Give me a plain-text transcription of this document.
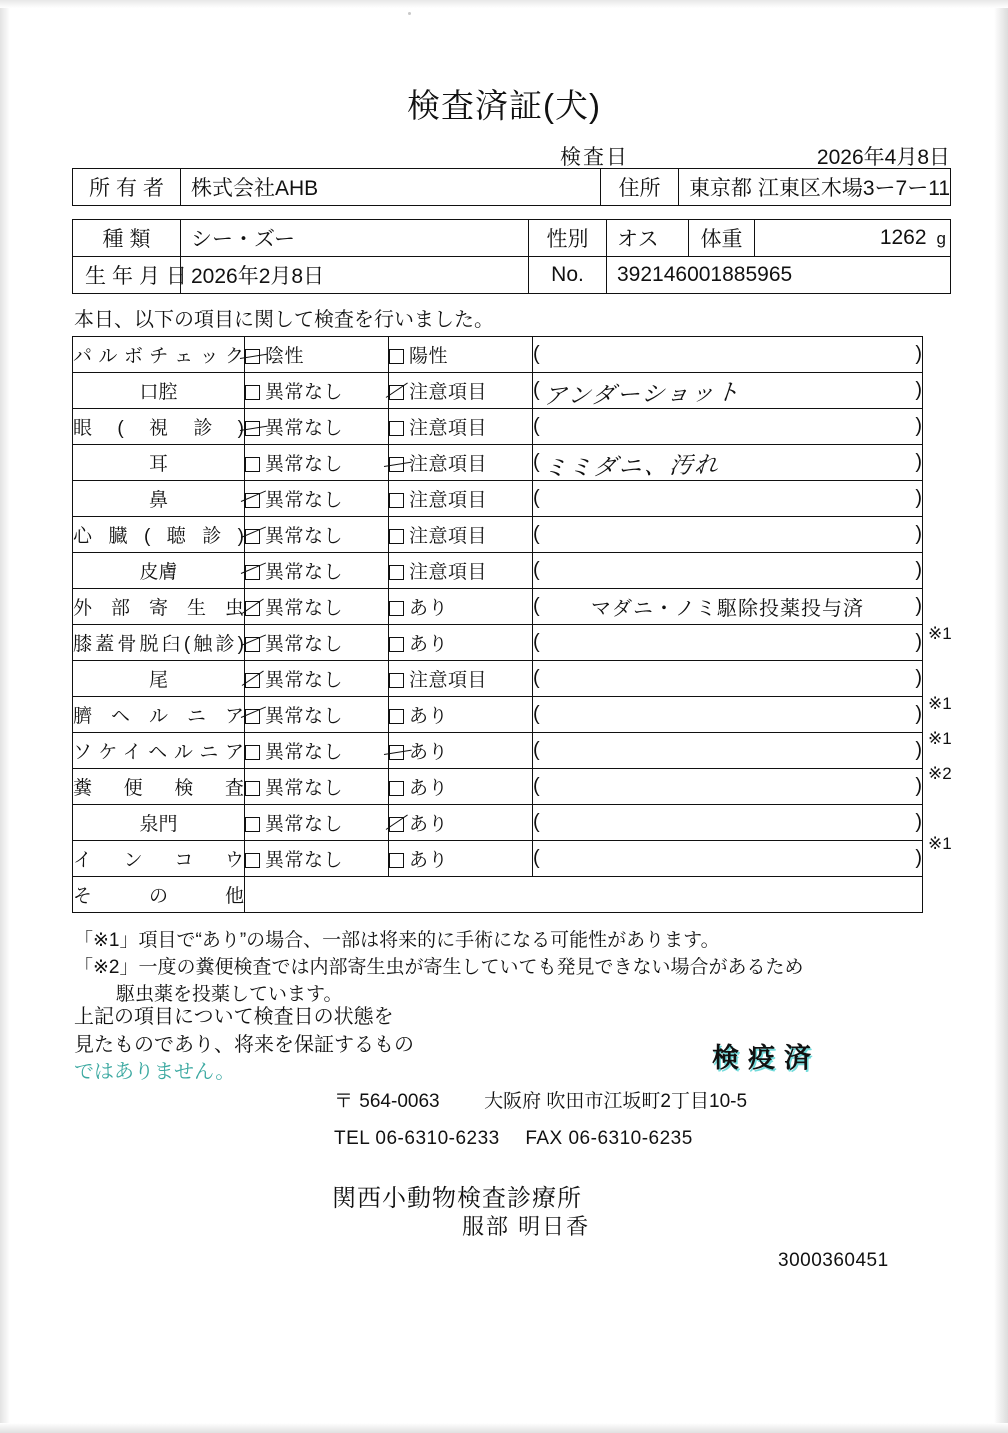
検査済証(犬)
検査日	2026年4月8日
所有者	株式会社AHB	住所	東京都 江東区木場3ー7ー11
種類	シー・ズー	性別	オス	体重	1262 g
生年月日	2026年2月8日	No.	392146001885965		
本日、以下の項目に関して検査を行いました。
パルボチェック	陰性	陽性	( )

口腔	異常なし	注意項目	( アンダーショット )

眼(視診)	異常なし	注意項目	( )

耳	異常なし	注意項目	( ミミダニ、汚れ )

鼻	異常なし	注意項目	( )

心臓(聴診)	異常なし	注意項目	( )

皮膚	異常なし	注意項目	( )

外部寄生虫	異常なし	あり	( マダニ・ノミ駆除投薬投与済 )

膝蓋骨脱臼(触診)	異常なし	あり	( )

尾	異常なし	注意項目	( )

臍ヘルニア	異常なし	あり	( )

ソケイヘルニア	異常なし	あり	( )

糞便検査	異常なし	あり	( )

泉門	異常なし	あり	( )

インコウ	異常なし	あり	( )

その他			
※1
※1
※1
※2
※1
「※1」項目で“あり”の場合、一部は将来的に手術になる可能性があります。
「※2」一度の糞便検査では内部寄生虫が寄生していても発見できない場合があるため
駆虫薬を投薬しています。
上記の項目について検査日の状態を
見たものであり、将来を保証するもの
ではありません。	検疫済
〒 564-0063 大阪府 吹田市江坂町2丁目10-5
TEL 06-6310-6233 FAX 06-6310-6235
関西小動物検査診療所
服部 明日香
3000360451
